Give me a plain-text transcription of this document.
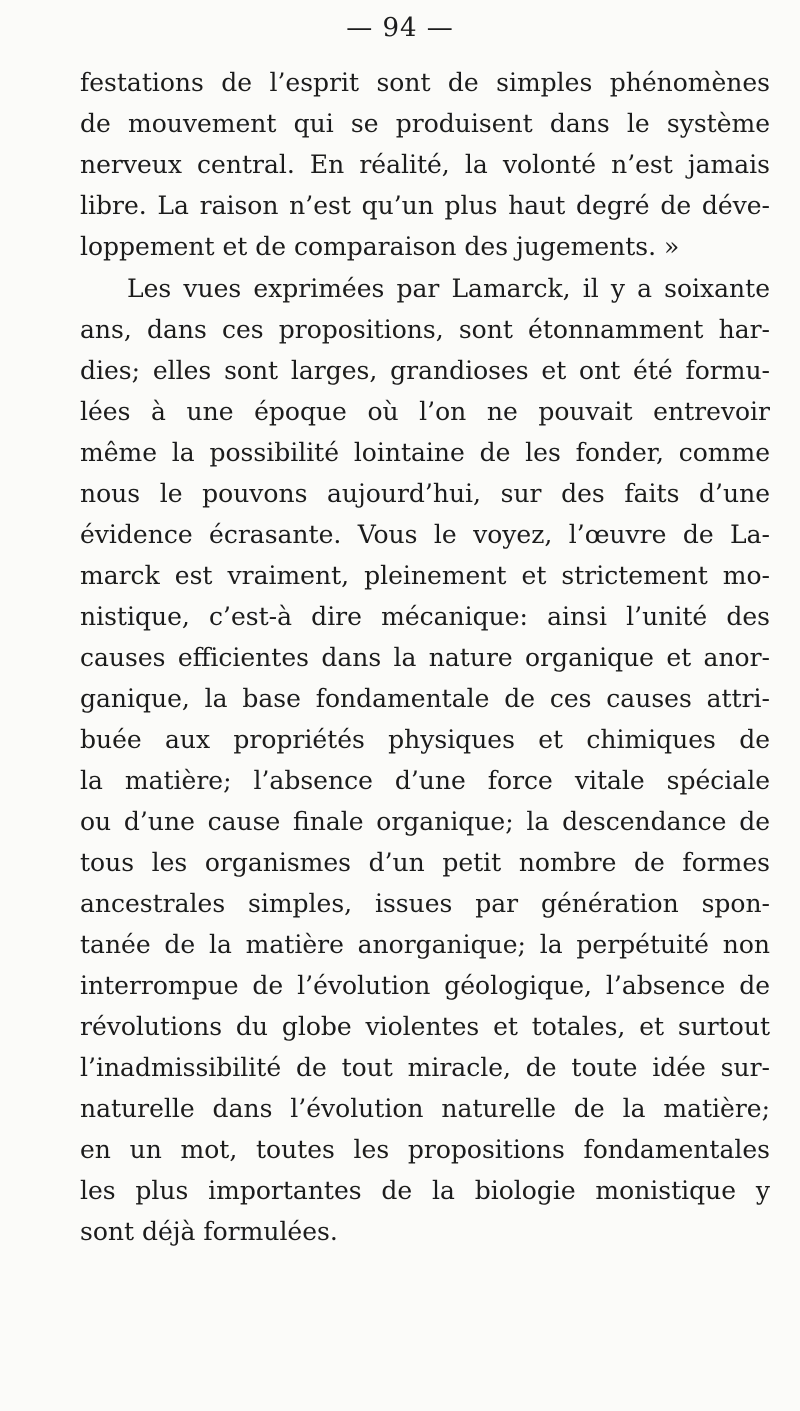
— 94 —
festations de l’esprit sont de simples phénomènes
de mouvement qui se produisent dans le système
nerveux central. En réalité, la volonté n’est jamais
libre. La raison n’est qu’un plus haut degré de déve-
loppement et de comparaison des jugements. »
Les vues exprimées par Lamarck, il y a soixante
ans, dans ces propositions, sont étonnamment har-
dies; elles sont larges, grandioses et ont été formu-
lées à une époque où l’on ne pouvait entrevoir
même la possibilité lointaine de les fonder, comme
nous le pouvons aujourd’hui, sur des faits d’une
évidence écrasante. Vous le voyez, l’œuvre de La-
marck est vraiment, pleinement et strictement mo-
nistique, c’est-à dire mécanique: ainsi l’unité des
causes efficientes dans la nature organique et anor-
ganique, la base fondamentale de ces causes attri-
buée aux propriétés physiques et chimiques de
la matière; l’absence d’une force vitale spéciale
ou d’une cause finale organique; la descendance de
tous les organismes d’un petit nombre de formes
ancestrales simples, issues par génération spon-
tanée de la matière anorganique; la perpétuité non
interrompue de l’évolution géologique, l’absence de
révolutions du globe violentes et totales, et surtout
l’inadmissibilité de tout miracle, de toute idée sur-
naturelle dans l’évolution naturelle de la matière;
en un mot, toutes les propositions fondamentales
les plus importantes de la biologie monistique y
sont déjà formulées.
